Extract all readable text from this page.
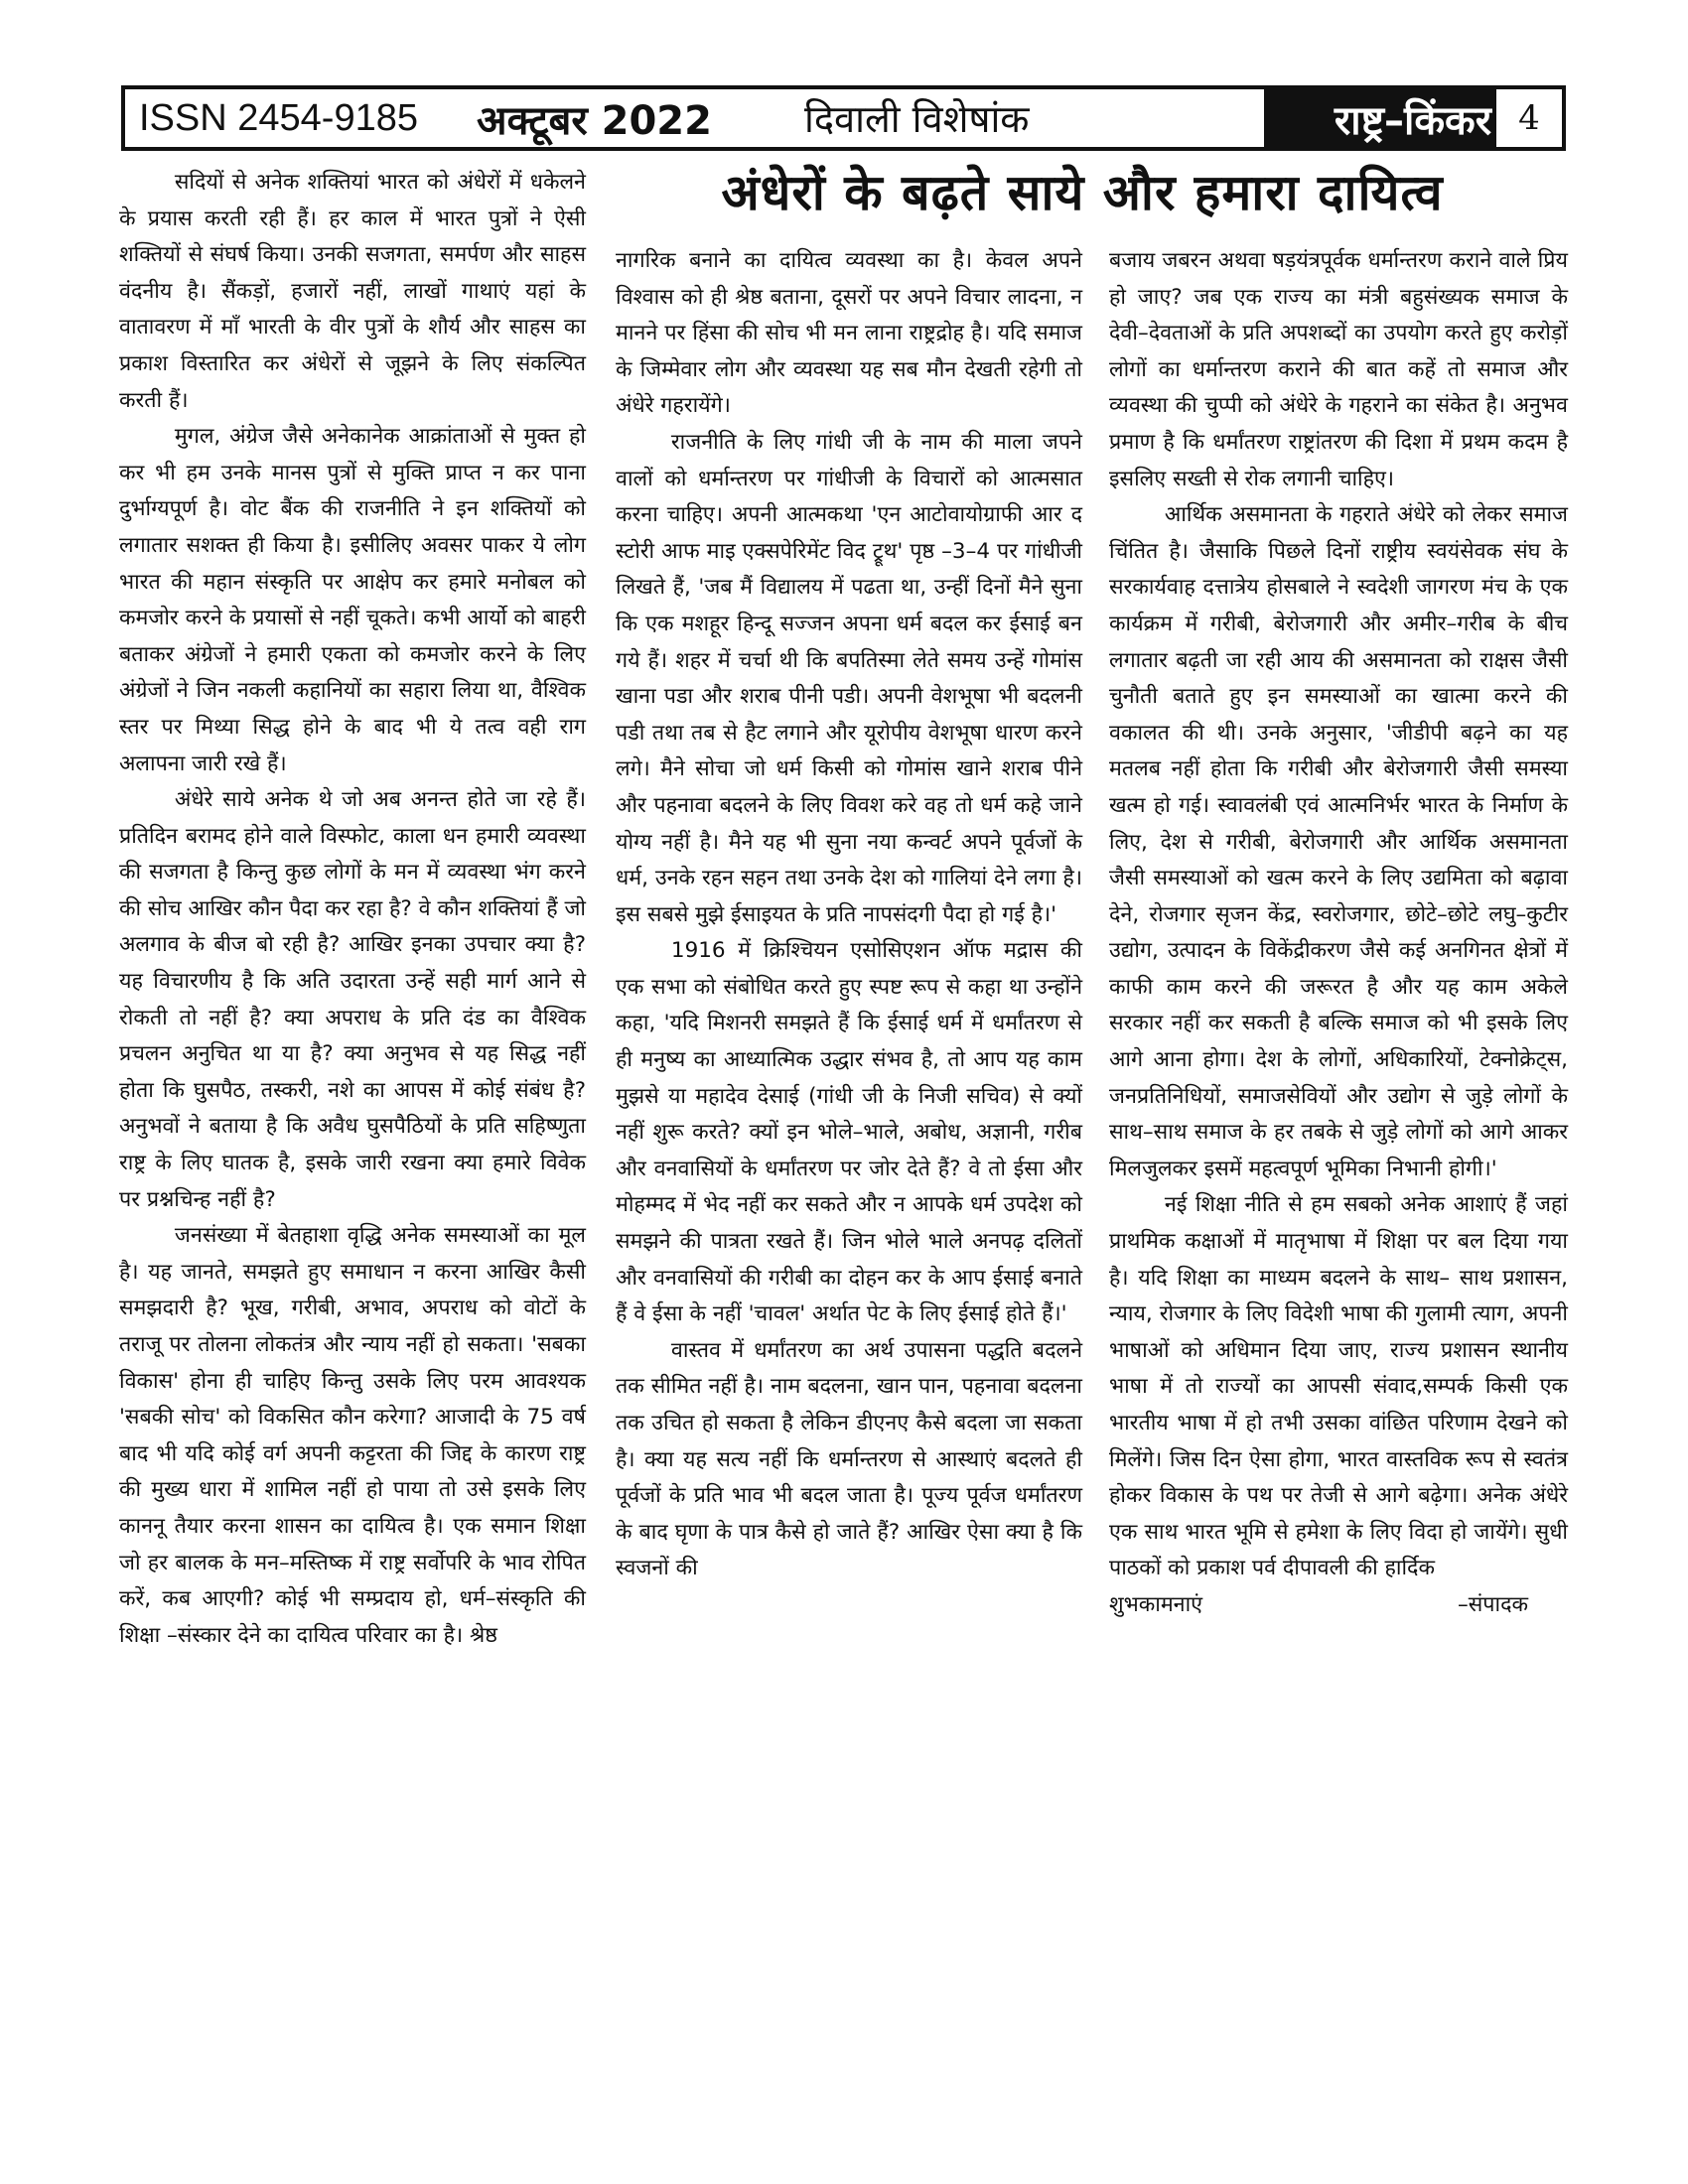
ISSN 2454-9185	अक्टूबर 2022	दिवाली विशेषांक	राष्ट्र–किंकर 4
अंधेरों के बढ़ते साये और हमारा दायित्व

सदियों से अनेक शक्तियां भारत को अंधेरों में धकेलने के प्रयास करती रही हैं। हर काल में भारत पुत्रों ने ऐसी शक्तियों से संघर्ष किया। उनकी सजगता, समर्पण और साहस वंदनीय है। सैंकड़ों, हजारों नहीं, लाखों गाथाएं यहां के वातावरण में माँ भारती के वीर पुत्रों के शौर्य और साहस का प्रकाश विस्तारित कर अंधेरों से जूझने के लिए संकल्पित करती हैं।

मुगल, अंग्रेज जैसे अनेकानेक आक्रांताओं से मुक्त हो कर भी हम उनके मानस पुत्रों से मुक्ति प्राप्त न कर पाना दुर्भाग्यपूर्ण है। वोट बैंक की राजनीति ने इन शक्तियों को लगातार सशक्त ही किया है। इसीलिए अवसर पाकर ये लोग भारत की महान संस्कृति पर आक्षेप कर हमारे मनोबल को कमजोर करने के प्रयासों से नहीं चूकते। कभी आर्यो को बाहरी बताकर अंग्रेजों ने हमारी एकता को कमजोर करने के लिए अंग्रेजों ने जिन नकली कहानियों का सहारा लिया था, वैश्विक स्तर पर मिथ्या सिद्ध होने के बाद भी ये तत्व वही राग अलापना जारी रखे हैं।

अंधेरे साये अनेक थे जो अब अनन्त होते जा रहे हैं। प्रतिदिन बरामद होने वाले विस्फोट, काला धन हमारी व्यवस्था की सजगता है किन्तु कुछ लोगों के मन में व्यवस्था भंग करने की सोच आखिर कौन पैदा कर रहा है? वे कौन शक्तियां हैं जो अलगाव के बीज बो रही है? आखिर इनका उपचार क्या है? यह विचारणीय है कि अति उदारता उन्हें सही मार्ग आने से रोकती तो नहीं है? क्या अपराध के प्रति दंड का वैश्विक प्रचलन अनुचित था या है? क्या अनुभव से यह सिद्ध नहीं होता कि घुसपैठ, तस्करी, नशे का आपस में कोई संबंध है? अनुभवों ने बताया है कि अवैध घुसपैठियों के प्रति सहिष्णुता राष्ट्र के लिए घातक है, इसके जारी रखना क्या हमारे विवेक पर प्रश्नचिन्ह नहीं है?

जनसंख्या में बेतहाशा वृद्धि अनेक समस्याओं का मूल है। यह जानते, समझते हुए समाधान न करना आखिर कैसी समझदारी है? भूख, गरीबी, अभाव, अपराध को वोटों के तराजू पर तोलना लोकतंत्र और न्याय नहीं हो सकता। 'सबका विकास' होना ही चाहिए किन्तु उसके लिए परम आवश्यक 'सबकी सोच' को विकसित कौन करेगा? आजादी के 75 वर्ष बाद भी यदि कोई वर्ग अपनी कट्टरता की जिद्द के कारण राष्ट्र की मुख्य धारा में शामिल नहीं हो पाया तो उसे इसके लिए काननू तैयार करना शासन का दायित्व है। एक समान शिक्षा जो हर बालक के मन–मस्तिष्क में राष्ट्र सर्वोपरि के भाव रोपित करें, कब आएगी? कोई भी सम्प्रदाय हो, धर्म–संस्कृति की शिक्षा –संस्कार देने का दायित्व परिवार का है। श्रेष्ठ

नागरिक बनाने का दायित्व व्यवस्था का है। केवल अपने विश्वास को ही श्रेष्ठ बताना, दूसरों पर अपने विचार लादना, न मानने पर हिंसा की सोच भी मन लाना राष्ट्रद्रोह है। यदि समाज के जिम्मेवार लोग और व्यवस्था यह सब मौन देखती रहेगी तो अंधेरे गहरायेंगे।

राजनीति के लिए गांधी जी के नाम की माला जपने वालों को धर्मान्तरण पर गांधीजी के विचारों को आत्मसात करना चाहिए। अपनी आत्मकथा 'एन आटोवायोग्राफी आर द स्टोरी आफ माइ एक्सपेरिमेंट विद ट्रूथ' पृष्ठ –3–4 पर गांधीजी लिखते हैं, 'जब मैं विद्यालय में पढता था, उन्हीं दिनों मैने सुना कि एक मशहूर हिन्दू सज्जन अपना धर्म बदल कर ईसाई बन गये हैं। शहर में चर्चा थी कि बपतिस्मा लेते समय उन्हें गोमांस खाना पडा और शराब पीनी पडी। अपनी वेशभूषा भी बदलनी पडी तथा तब से हैट लगाने और यूरोपीय वेशभूषा धारण करने लगे। मैने सोचा जो धर्म किसी को गोमांस खाने शराब पीने और पहनावा बदलने के लिए विवश करे वह तो धर्म कहे जाने योग्य नहीं है। मैने यह भी सुना नया कन्वर्ट अपने पूर्वजों के धर्म, उनके रहन सहन तथा उनके देश को गालियां देने लगा है। इस सबसे मुझे ईसाइयत के प्रति नापसंदगी पैदा हो गई है।'

1916 में क्रिश्चियन एसोसिएशन ऑफ मद्रास की एक सभा को संबोधित करते हुए स्पष्ट रूप से कहा था उन्होंने कहा, 'यदि मिशनरी समझते हैं कि ईसाई धर्म में धर्मांतरण से ही मनुष्य का आध्यात्मिक उद्धार संभव है, तो आप यह काम मुझसे या महादेव देसाई (गांधी जी के निजी सचिव) से क्यों नहीं शुरू करते? क्यों इन भोले–भाले, अबोध, अज्ञानी, गरीब और वनवासियों के धर्मांतरण पर जोर देते हैं? वे तो ईसा और मोहम्मद में भेद नहीं कर सकते और न आपके धर्म उपदेश को समझने की पात्रता रखते हैं। जिन भोले भाले अनपढ़ दलितों और वनवासियों की गरीबी का दोहन कर के आप ईसाई बनाते हैं वे ईसा के नहीं 'चावल' अर्थात पेट के लिए ईसाई होते हैं।'

वास्तव में धर्मांतरण का अर्थ उपासना पद्धति बदलने तक सीमित नहीं है। नाम बदलना, खान पान, पहनावा बदलना तक उचित हो सकता है लेकिन डीएनए कैसे बदला जा सकता है। क्या यह सत्य नहीं कि धर्मान्तरण से आस्थाएं बदलते ही पूर्वजों के प्रति भाव भी बदल जाता है। पूज्य पूर्वज धर्मांतरण के बाद घृणा के पात्र कैसे हो जाते हैं? आखिर ऐसा क्या है कि स्वजनों की

बजाय जबरन अथवा षड़यंत्रपूर्वक धर्मान्तरण कराने वाले प्रिय हो जाए? जब एक राज्य का मंत्री बहुसंख्यक समाज के देवी–देवताओं के प्रति अपशब्दों का उपयोग करते हुए करोड़ों लोगों का धर्मान्तरण कराने की बात कहें तो समाज और व्यवस्था की चुप्पी को अंधेरे के गहराने का संकेत है। अनुभव प्रमाण है कि धर्मांतरण राष्ट्रांतरण की दिशा में प्रथम कदम है इसलिए सख्ती से रोक लगानी चाहिए।

आर्थिक असमानता के गहराते अंधेरे को लेकर समाज चिंतित है। जैसाकि पिछले दिनों राष्ट्रीय स्वयंसेवक संघ के सरकार्यवाह दत्तात्रेय होसबाले ने स्वदेशी जागरण मंच के एक कार्यक्रम में गरीबी, बेरोजगारी और अमीर–गरीब के बीच लगातार बढ़ती जा रही आय की असमानता को राक्षस जैसी चुनौती बताते हुए इन समस्याओं का खात्मा करने की वकालत की थी। उनके अनुसार, 'जीडीपी बढ़ने का यह मतलब नहीं होता कि गरीबी और बेरोजगारी जैसी समस्या खत्म हो गई। स्वावलंबी एवं आत्मनिर्भर भारत के निर्माण के लिए, देश से गरीबी, बेरोजगारी और आर्थिक असमानता जैसी समस्याओं को खत्म करने के लिए उद्यमिता को बढ़ावा देने, रोजगार सृजन केंद्र, स्वरोजगार, छोटे–छोटे लघु–कुटीर उद्योग, उत्पादन के विकेंद्रीकरण जैसे कई अनगिनत क्षेत्रों में काफी काम करने की जरूरत है और यह काम अकेले सरकार नहीं कर सकती है बल्कि समाज को भी इसके लिए आगे आना होगा। देश के लोगों, अधिकारियों, टेक्नोक्रेट्स, जनप्रतिनिधियों, समाजसेवियों और उद्योग से जुड़े लोगों के साथ–साथ समाज के हर तबके से जुड़े लोगों को आगे आकर मिलजुलकर इसमें महत्वपूर्ण भूमिका निभानी होगी।'

नई शिक्षा नीति से हम सबको अनेक आशाएं हैं जहां प्राथमिक कक्षाओं में मातृभाषा में शिक्षा पर बल दिया गया है। यदि शिक्षा का माध्यम बदलने के साथ– साथ प्रशासन, न्याय, रोजगार के लिए विदेशी भाषा की गुलामी त्याग, अपनी भाषाओं को अधिमान दिया जाए, राज्य प्रशासन स्थानीय भाषा में तो राज्यों का आपसी संवाद,सम्पर्क किसी एक भारतीय भाषा में हो तभी उसका वांछित परिणाम देखने को मिलेंगे। जिस दिन ऐसा होगा, भारत वास्तविक रूप से स्वतंत्र होकर विकास के पथ पर तेजी से आगे बढ़ेगा। अनेक अंधेरे एक साथ भारत भूमि से हमेशा के लिए विदा हो जायेंगे। सुधी पाठकों को प्रकाश पर्व दीपावली की हार्दिक

शुभकामनाएं	–संपादक
